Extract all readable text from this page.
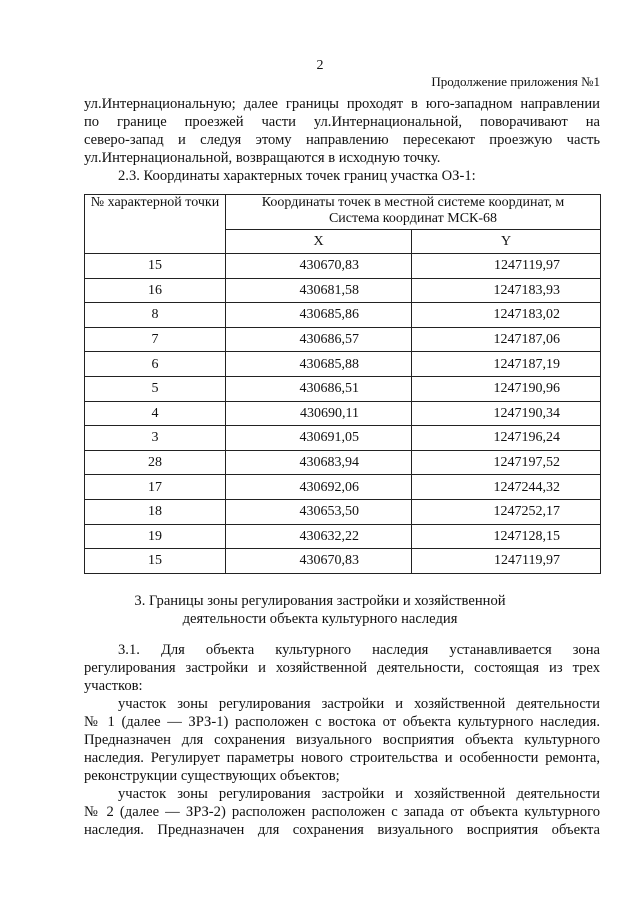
2
Продолжение приложения №1
ул.Интернациональную; далее границы проходят в юго-западном направлении
по границе проезжей части ул.Интернациональной, поворачивают на
северо-запад и следуя этому направлению пересекают проезжую часть
ул.Интернациональной, возвращаются в исходную точку.
2.3. Координаты характерных точек границ участка ОЗ-1:
№ характерной точки	Координаты точек в местной системе координат, м
Система координат МСК-68	
	X	Y
15	430670,83	1247119,97
16	430681,58	1247183,93
8	430685,86	1247183,02
7	430686,57	1247187,06
6	430685,88	1247187,19
5	430686,51	1247190,96
4	430690,11	1247190,34
3	430691,05	1247196,24
28	430683,94	1247197,52
17	430692,06	1247244,32
18	430653,50	1247252,17
19	430632,22	1247128,15
15	430670,83	1247119,97
3. Границы зоны регулирования застройки и хозяйственной
деятельности объекта культурного наследия
3.1. Для объекта культурного наследия устанавливается зона
регулирования застройки и хозяйственной деятельности, состоящая из трех
участков:
участок зоны регулирования застройки и хозяйственной деятельности
№ 1 (далее — ЗРЗ-1) расположен с востока от объекта культурного наследия.
Предназначен для сохранения визуального восприятия объекта культурного
наследия. Регулирует параметры нового строительства и особенности ремонта,
реконструкции существующих объектов;
участок зоны регулирования застройки и хозяйственной деятельности
№ 2 (далее — ЗРЗ-2) расположен расположен с запада от объекта культурного
наследия. Предназначен для сохранения визуального восприятия объекта
